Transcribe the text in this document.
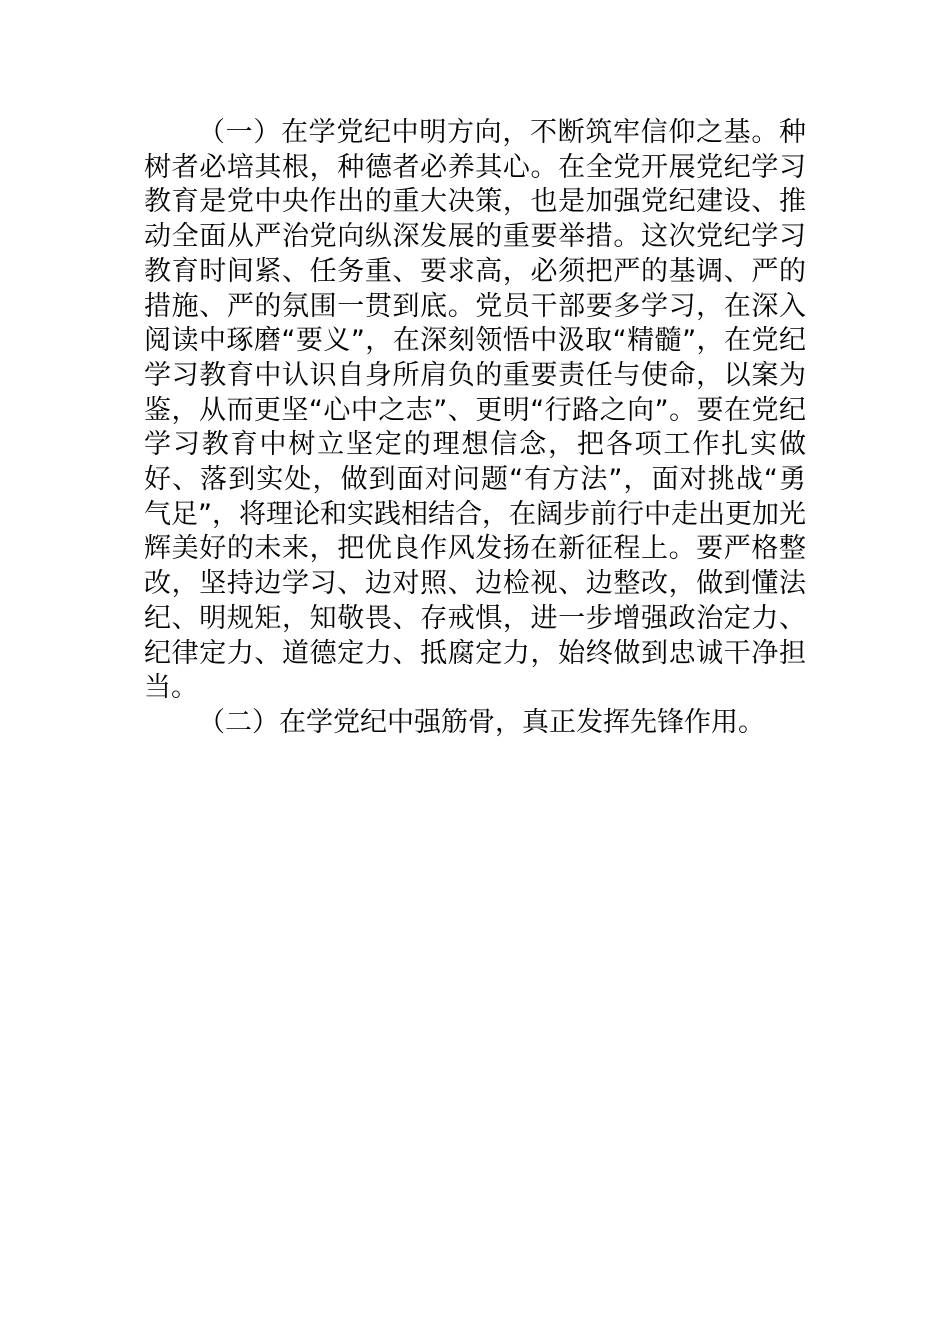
（一）在学党纪中明方向，不断筑牢信仰之基。种树者必培其根，种德者必养其心。在全党开展党纪学习教育是党中央作出的重大决策，也是加强党纪建设、推动全面从严治党向纵深发展的重要举措。这次党纪学习教育时间紧、任务重、要求高，必须把严的基调、严的措施、严的氛围一贯到底。党员干部要多学习，在深入阅读中琢磨“要义”，在深刻领悟中汲取“精髓”，在党纪学习教育中认识自身所肩负的重要责任与使命，以案为鉴，从而更坚“心中之志”、更明“行路之向”。要在党纪学习教育中树立坚定的理想信念，把各项工作扎实做好、落到实处，做到面对问题“有方法”，面对挑战“勇气足”，将理论和实践相结合，在阔步前行中走出更加光辉美好的未来，把优良作风发扬在新征程上。要严格整改，坚持边学习、边对照、边检视、边整改，做到懂法纪、明规矩，知敬畏、存戒惧，进一步增强政治定力、纪律定力、道德定力、抵腐定力，始终做到忠诚干净担当。

（二）在学党纪中强筋骨，真正发挥先锋作用。
